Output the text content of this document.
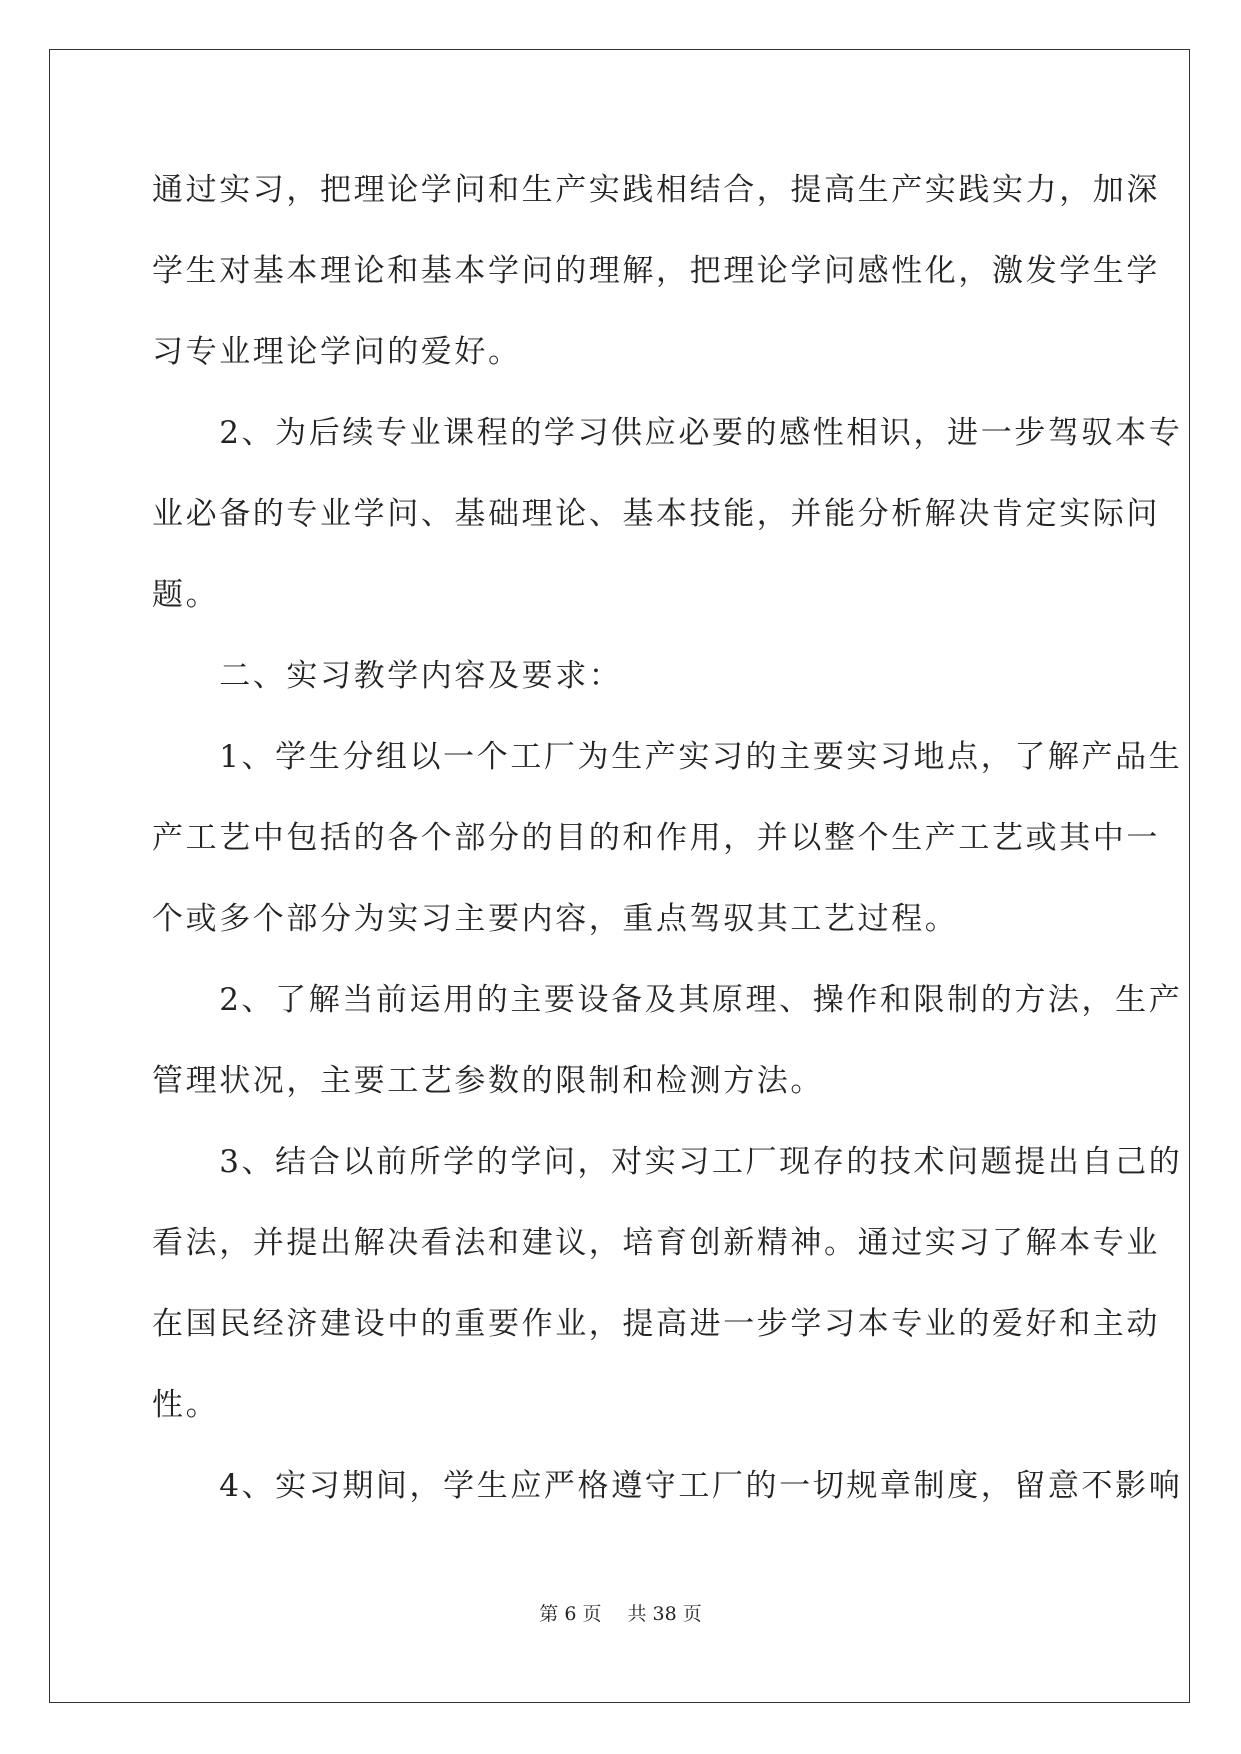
通过实习，把理论学问和生产实践相结合，提高生产实践实力，加深
学生对基本理论和基本学问的理解，把理论学问感性化，激发学生学
习专业理论学问的爱好。
　　2、为后续专业课程的学习供应必要的感性相识，进一步驾驭本专
业必备的专业学问、基础理论、基本技能，并能分析解决肯定实际问
题。
　　二、实习教学内容及要求：
　　1、学生分组以一个工厂为生产实习的主要实习地点，了解产品生
产工艺中包括的各个部分的目的和作用，并以整个生产工艺或其中一
个或多个部分为实习主要内容，重点驾驭其工艺过程。
　　2、了解当前运用的主要设备及其原理、操作和限制的方法，生产
管理状况，主要工艺参数的限制和检测方法。
　　3、结合以前所学的学问，对实习工厂现存的技术问题提出自己的
看法，并提出解决看法和建议，培育创新精神。通过实习了解本专业
在国民经济建设中的重要作业，提高进一步学习本专业的爱好和主动
性。
　　4、实习期间，学生应严格遵守工厂的一切规章制度，留意不影响
第 6 页 共 38 页
